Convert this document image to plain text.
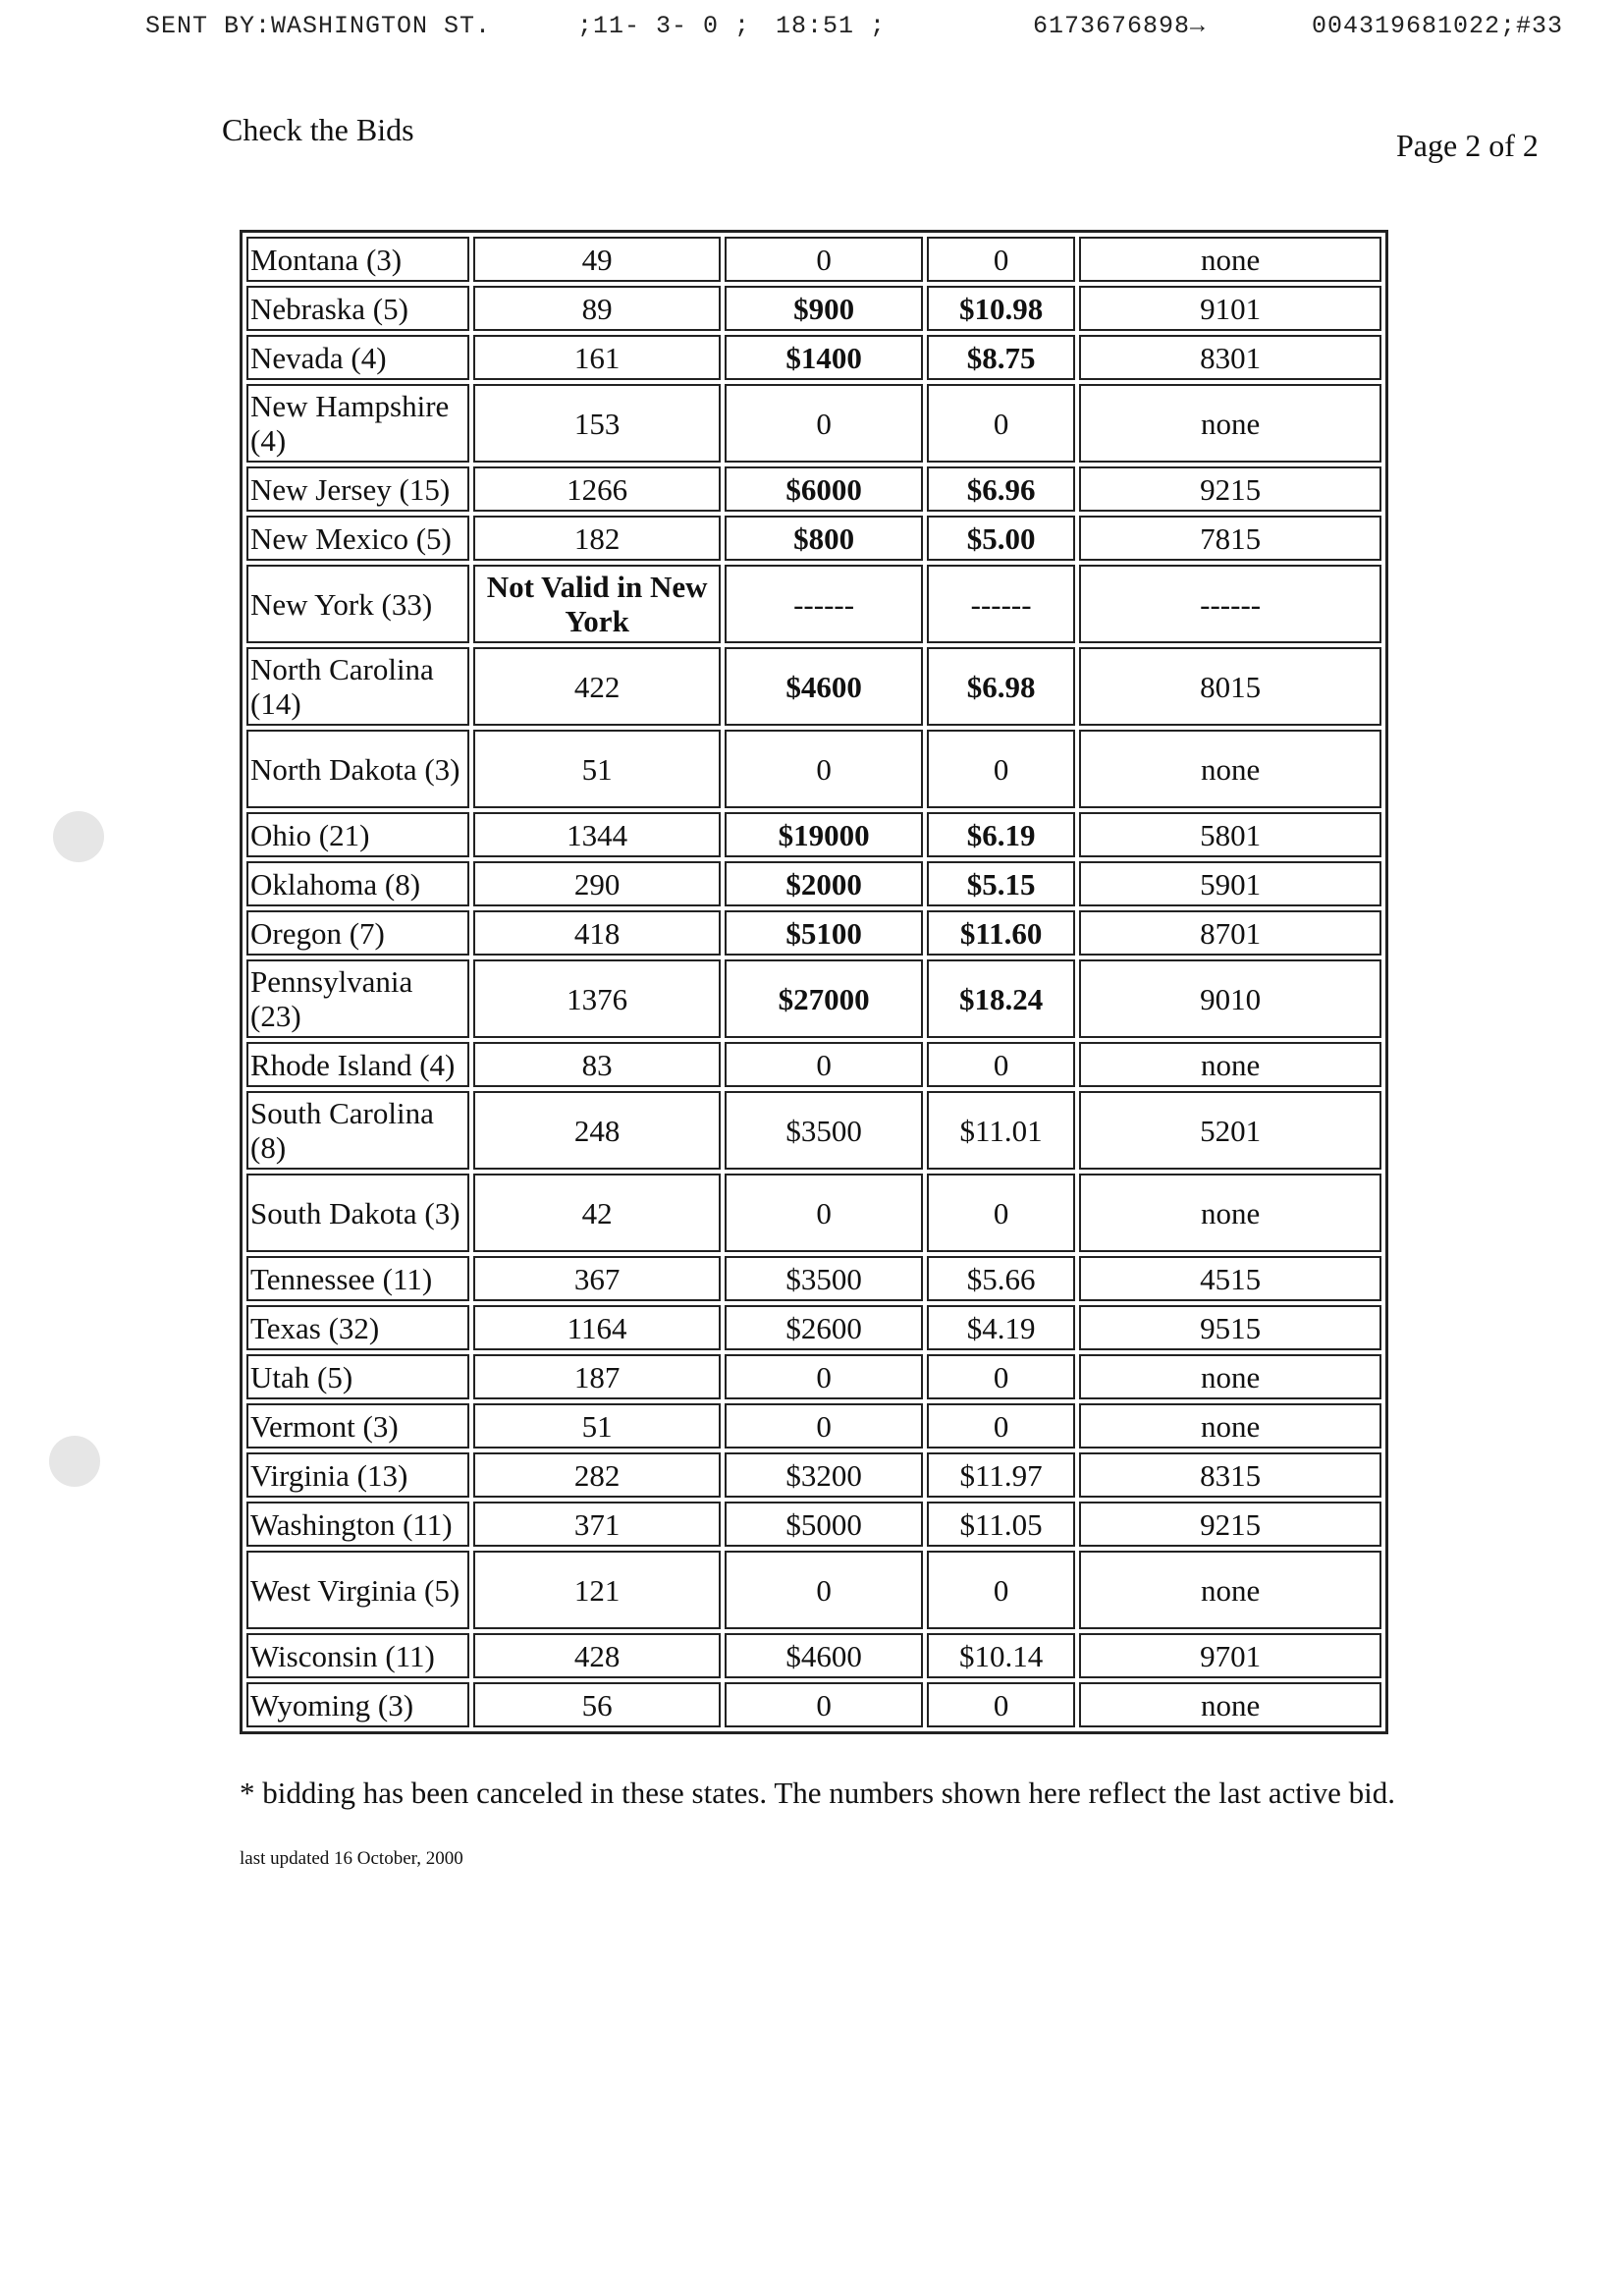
SENT BY:WASHINGTON ST.	;11- 3- 0 ; 18:51 ;	6173676898→	004319681022;#33
Check the Bids	Page 2 of 2
Montana (3)	49	0	0	none
Nebraska (5)	89	$900	$10.98	9101
Nevada (4)	161	$1400	$8.75	8301
New Hampshire (4)	153	0	0	none
New Jersey (15)	1266	$6000	$6.96	9215
New Mexico (5)	182	$800	$5.00	7815
New York (33)	Not Valid in New York	------	------	------
North Carolina (14)	422	$4600	$6.98	8015
North Dakota (3)	51	0	0	none
Ohio (21)	1344	$19000	$6.19	5801
Oklahoma (8)	290	$2000	$5.15	5901
Oregon (7)	418	$5100	$11.60	8701
Pennsylvania (23)	1376	$27000	$18.24	9010
Rhode Island (4)	83	0	0	none
South Carolina (8)	248	$3500	$11.01	5201
South Dakota (3)	42	0	0	none
Tennessee (11)	367	$3500	$5.66	4515
Texas (32)	1164	$2600	$4.19	9515
Utah (5)	187	0	0	none
Vermont (3)	51	0	0	none
Virginia (13)	282	$3200	$11.97	8315
Washington (11)	371	$5000	$11.05	9215
West Virginia (5)	121	0	0	none
Wisconsin (11)	428	$4600	$10.14	9701
Wyoming (3)	56	0	0	none
* bidding has been canceled in these states. The numbers shown here reflect the last active bid.
last updated 16 October, 2000
